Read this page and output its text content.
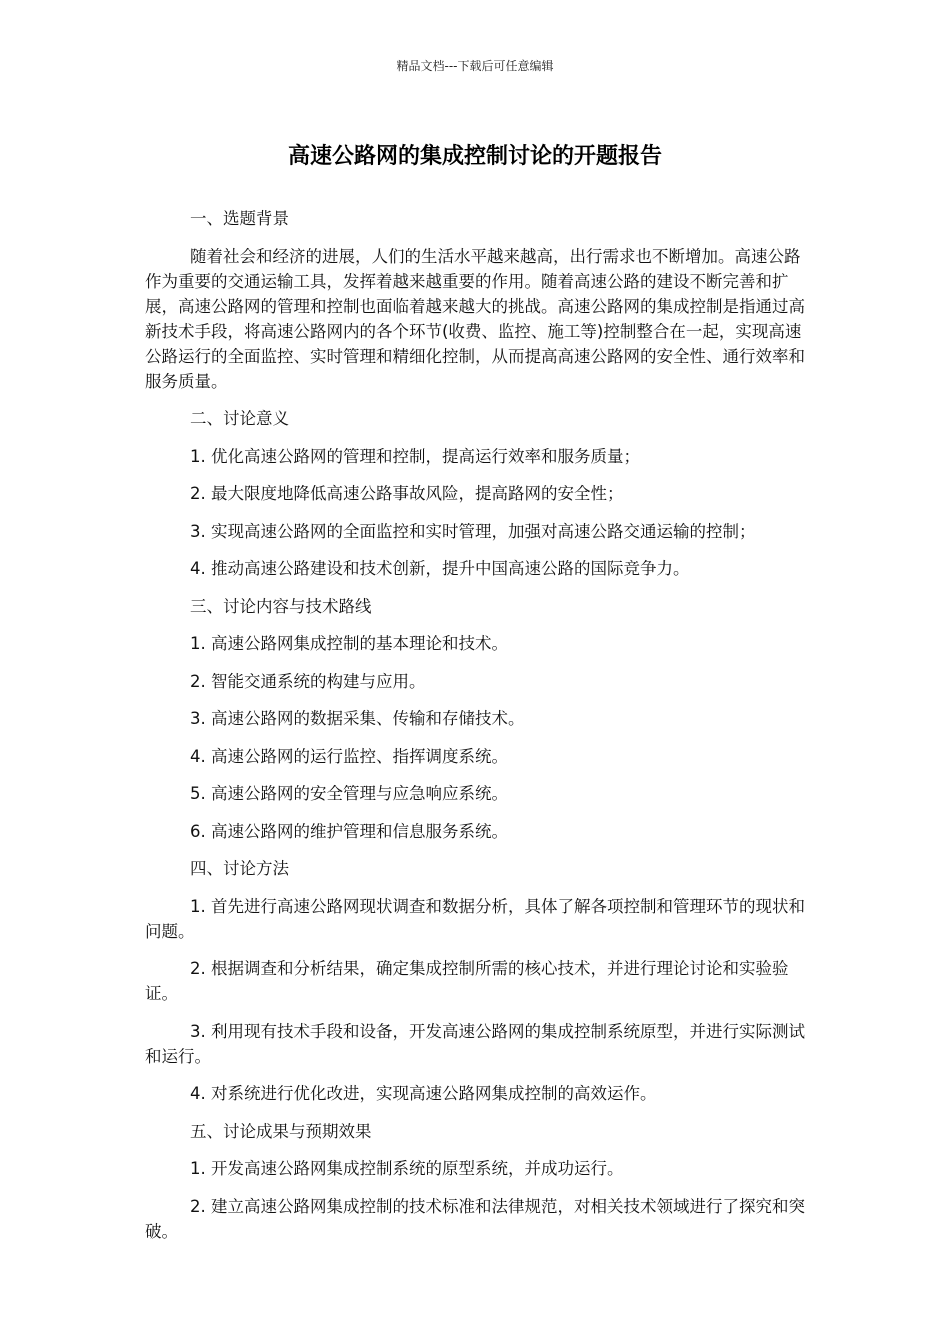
精品文档---下载后可任意编辑
高速公路网的集成控制讨论的开题报告

一、选题背景

随着社会和经济的进展，人们的生活水平越来越高，出行需求也不断增加。高速公路作为重要的交通运输工具，发挥着越来越重要的作用。随着高速公路的建设不断完善和扩展，高速公路网的管理和控制也面临着越来越大的挑战。高速公路网的集成控制是指通过高新技术手段，将高速公路网内的各个环节(收费、监控、施工等)控制整合在一起，实现高速公路运行的全面监控、实时管理和精细化控制，从而提高高速公路网的安全性、通行效率和服务质量。

二、讨论意义

1. 优化高速公路网的管理和控制，提高运行效率和服务质量；

2. 最大限度地降低高速公路事故风险，提高路网的安全性；

3. 实现高速公路网的全面监控和实时管理，加强对高速公路交通运输的控制；

4. 推动高速公路建设和技术创新，提升中国高速公路的国际竞争力。

三、讨论内容与技术路线

1. 高速公路网集成控制的基本理论和技术。

2. 智能交通系统的构建与应用。

3. 高速公路网的数据采集、传输和存储技术。

4. 高速公路网的运行监控、指挥调度系统。

5. 高速公路网的安全管理与应急响应系统。

6. 高速公路网的维护管理和信息服务系统。

四、讨论方法

1. 首先进行高速公路网现状调查和数据分析，具体了解各项控制和管理环节的现状和问题。

2. 根据调查和分析结果，确定集成控制所需的核心技术，并进行理论讨论和实验验证。

3. 利用现有技术手段和设备，开发高速公路网的集成控制系统原型，并进行实际测试和运行。

4. 对系统进行优化改进，实现高速公路网集成控制的高效运作。

五、讨论成果与预期效果

1. 开发高速公路网集成控制系统的原型系统，并成功运行。

2. 建立高速公路网集成控制的技术标准和法律规范，对相关技术领域进行了探究和突破。
